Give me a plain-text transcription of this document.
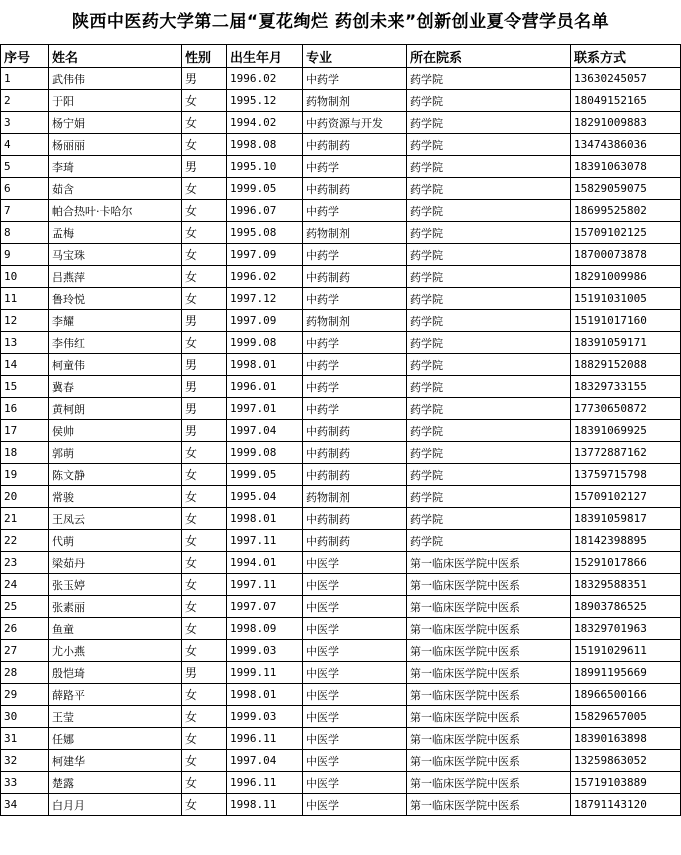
陕西中医药大学第二届“夏花绚烂 药创未来”创新创业夏令营学员名单
序号	姓名	性别	出生年月	专业	所在院系	联系方式
1	武伟伟	男	1996.02	中药学	药学院	13630245057
2	于阳	女	1995.12	药物制剂	药学院	18049152165
3	杨宁娟	女	1994.02	中药资源与开发	药学院	18291009883
4	杨丽丽	女	1998.08	中药制药	药学院	13474386036
5	李琦	男	1995.10	中药学	药学院	18391063078
6	茹含	女	1999.05	中药制药	药学院	15829059075
7	帕合热叶·卡哈尔	女	1996.07	中药学	药学院	18699525802
8	孟梅	女	1995.08	药物制剂	药学院	15709102125
9	马宝珠	女	1997.09	中药学	药学院	18700073878
10	吕燕萍	女	1996.02	中药制药	药学院	18291009986
11	鲁玲悦	女	1997.12	中药学	药学院	15191031005
12	李耀	男	1997.09	药物制剂	药学院	15191017160
13	李伟红	女	1999.08	中药学	药学院	18391059171
14	柯童伟	男	1998.01	中药学	药学院	18829152088
15	冀春	男	1996.01	中药学	药学院	18329733155
16	黄柯朗	男	1997.01	中药学	药学院	17730650872
17	侯帅	男	1997.04	中药制药	药学院	18391069925
18	郭萌	女	1999.08	中药制药	药学院	13772887162
19	陈文静	女	1999.05	中药制药	药学院	13759715798
20	常骏	女	1995.04	药物制剂	药学院	15709102127
21	王凤云	女	1998.01	中药制药	药学院	18391059817
22	代萌	女	1997.11	中药制药	药学院	18142398895
23	梁茹丹	女	1994.01	中医学	第一临床医学院中医系	15291017866
24	张玉婷	女	1997.11	中医学	第一临床医学院中医系	18329588351
25	张素丽	女	1997.07	中医学	第一临床医学院中医系	18903786525
26	鱼童	女	1998.09	中医学	第一临床医学院中医系	18329701963
27	尤小燕	女	1999.03	中医学	第一临床医学院中医系	15191029611
28	殷恺琦	男	1999.11	中医学	第一临床医学院中医系	18991195669
29	薛路平	女	1998.01	中医学	第一临床医学院中医系	18966500166
30	王莹	女	1999.03	中医学	第一临床医学院中医系	15829657005
31	任娜	女	1996.11	中医学	第一临床医学院中医系	18390163898
32	柯建华	女	1997.04	中医学	第一临床医学院中医系	13259863052
33	楚露	女	1996.11	中医学	第一临床医学院中医系	15719103889
34	白月月	女	1998.11	中医学	第一临床医学院中医系	18791143120
